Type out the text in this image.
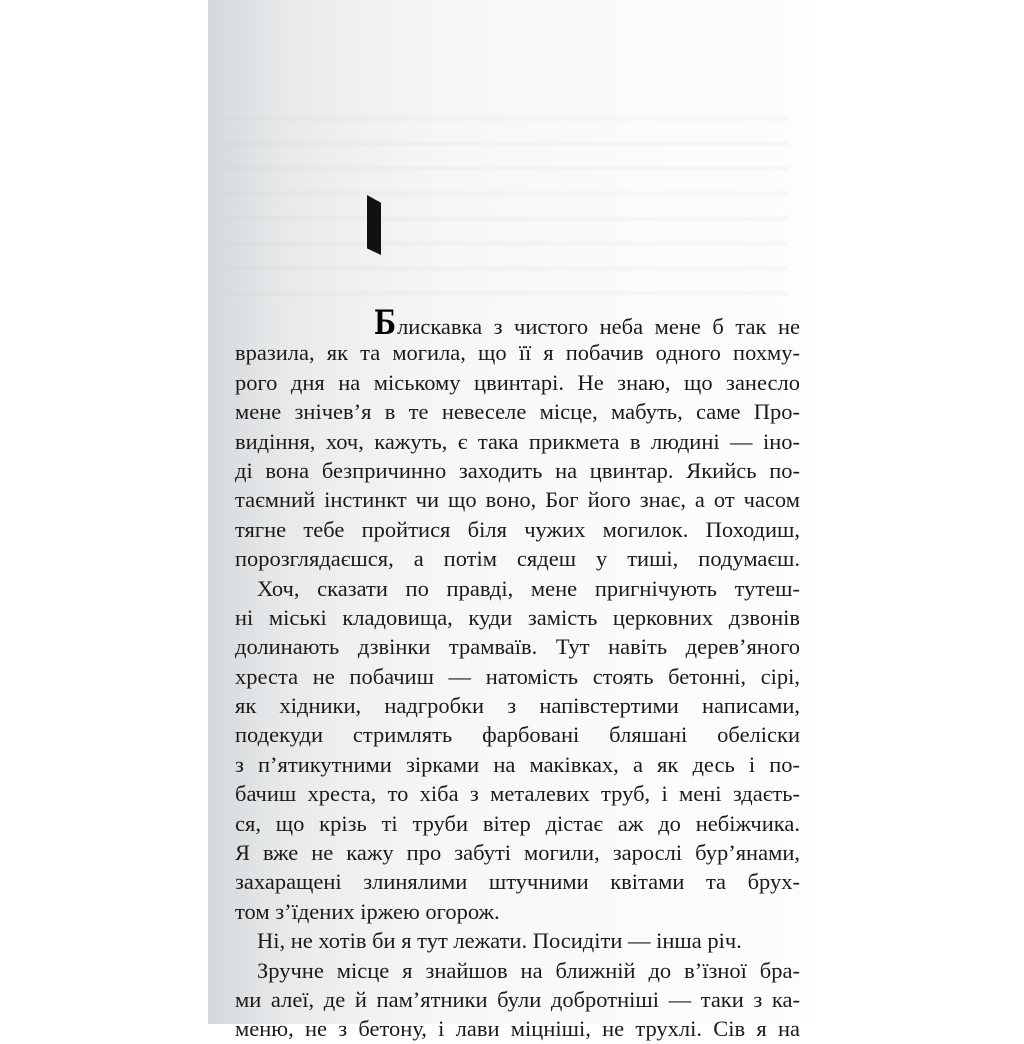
Блискавка з чистого неба мене б так не
вразила, як та могила, що її я побачив одного похму-
рого дня на міському цвинтарі. Не знаю, що занесло
мене знічев’я в те невеселе місце, мабуть, саме Про-
видіння, хоч, кажуть, є така прикмета в людині — іно-
ді вона безпричинно заходить на цвинтар. Якийсь по-
таємний інстинкт чи що воно, Бог його знає, а от часом
тягне тебе пройтися біля чужих могилок. Походиш,
порозглядаєшся, а потім сядеш у тиші, подумаєш.
Хоч, сказати по правді, мене пригнічують тутеш-
ні міські кладовища, куди замість церковних дзвонів
долинають дзвінки трамваїв. Тут навіть дерев’яного
хреста не побачиш — натомість стоять бетонні, сірі,
як хідники, надгробки з напівстертими написами,
подекуди стримлять фарбовані бляшані обеліски
з п’ятикутними зірками на маківках, а як десь і по-
бачиш хреста, то хіба з металевих труб, і мені здаєть-
ся, що крізь ті труби вітер дістає аж до небіжчика.
Я вже не кажу про забуті могили, зарослі бур’янами,
захаращені злинялими штучними квітами та брух-
том з’їдених іржею огорож.
Ні, не хотів би я тут лежати. Посидіти — інша річ.
Зручне місце я знайшов на ближній до в’їзної бра-
ми алеї, де й пам’ятники були добротніші — таки з ка-
меню, не з бетону, і лави міцніші, не трухлі. Сів я на
